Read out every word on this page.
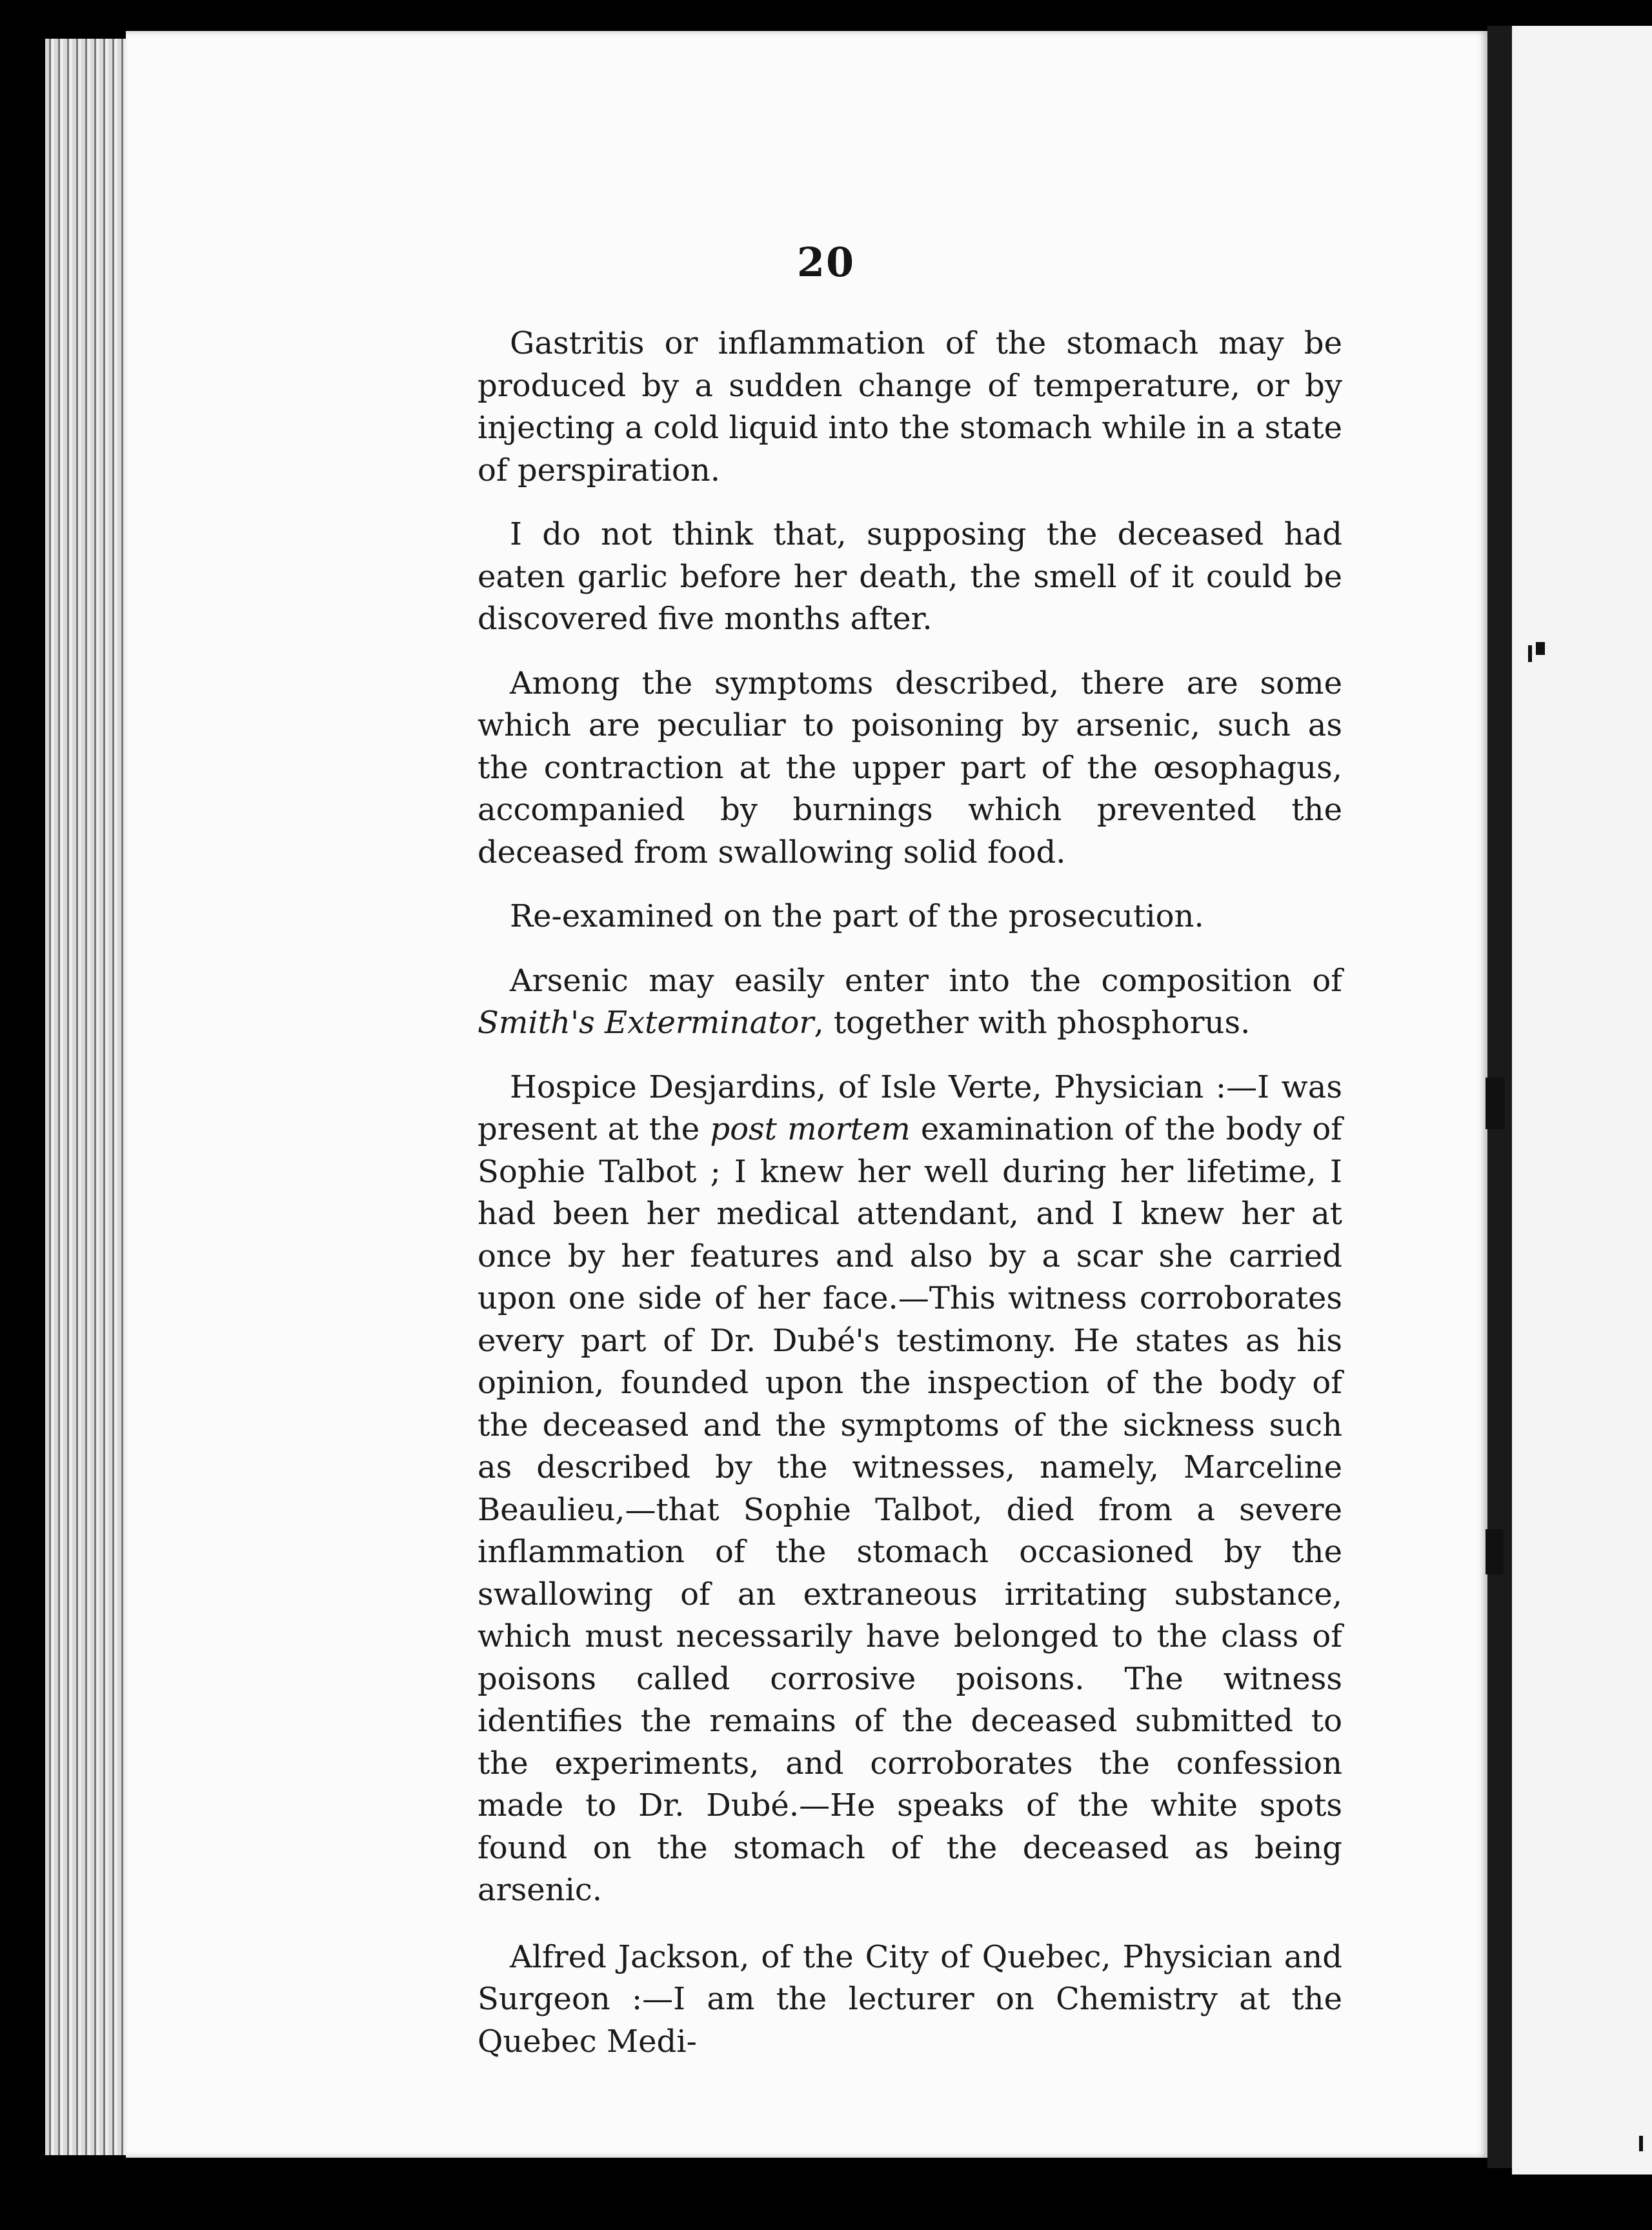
20

Gastritis or inflammation of the stomach may be produced by a sudden change of temperature, or by injecting a cold liquid into the stomach while in a state of perspiration.

I do not think that, supposing the deceased had eaten garlic before her death, the smell of it could be discovered five months after.

Among the symptoms described, there are some which are peculiar to poisoning by arsenic, such as the contraction at the upper part of the œsophagus, accompanied by burnings which prevented the deceased from swallowing solid food.

Re-examined on the part of the prosecution.

Arsenic may easily enter into the composition of Smith's Exterminator, together with phosphorus.

Hospice Desjardins, of Isle Verte, Physician :—I was present at the post mortem examination of the body of Sophie Talbot ; I knew her well during her lifetime, I had been her medical attendant, and I knew her at once by her features and also by a scar she carried upon one side of her face.—This witness corroborates every part of Dr. Dubé's testimony. He states as his opinion, founded upon the inspection of the body of the deceased and the symptoms of the sickness such as described by the witnesses, namely, Marceline Beaulieu,—that Sophie Talbot, died from a severe inflammation of the stomach occasioned by the swallowing of an extraneous irritating substance, which must necessarily have belonged to the class of poisons called corrosive poisons. The witness identifies the remains of the deceased submitted to the experiments, and corroborates the confession made to Dr. Dubé.—He speaks of the white spots found on the stomach of the deceased as being arsenic.

Alfred Jackson, of the City of Quebec, Physician and Surgeon :—I am the lecturer on Chemistry at the Quebec Medi-
